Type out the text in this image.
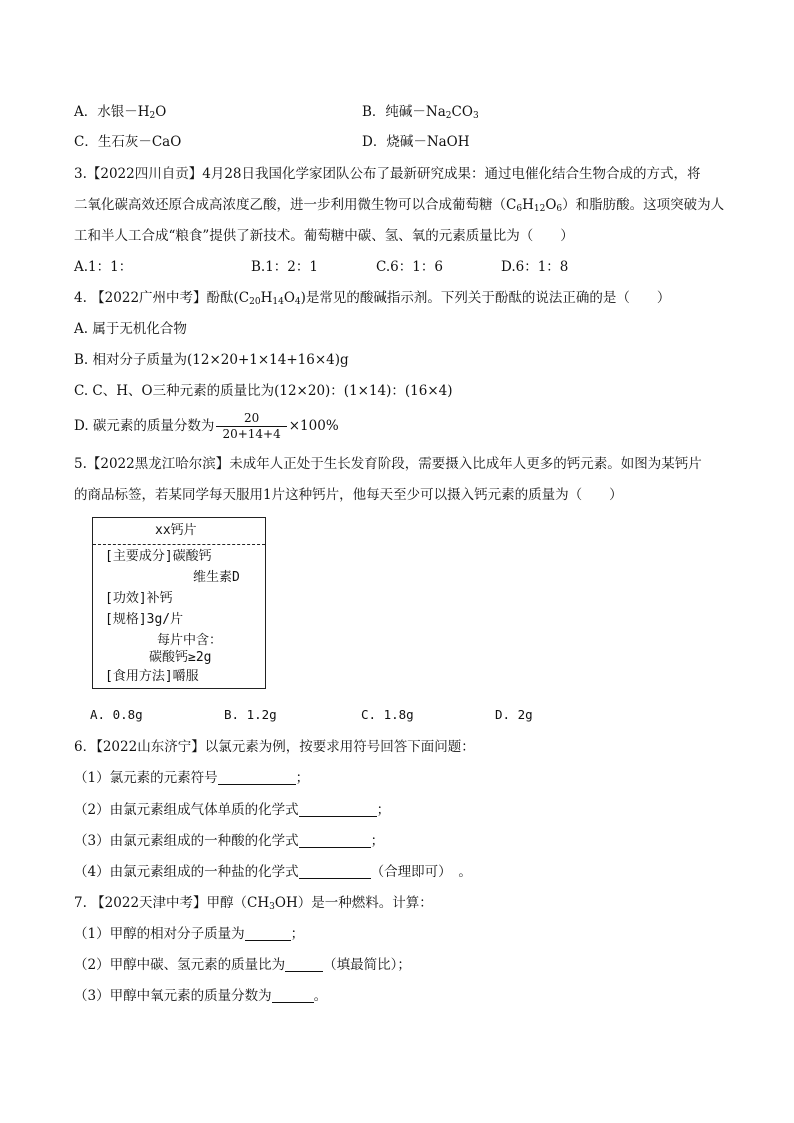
A．水银$-H_2O$	B．纯碱$-Na_2CO_3$
C．生石灰－CaO	D．烧碱－NaOH
3.【2022四川自贡】4月28日我国化学家团队公布了最新研究成果：通过电催化结合生物合成的方式，将
二氧化碳高效还原合成高浓度乙酸，进一步利用微生物可以合成葡萄糖$(C_6H_{12}O_6)$和脂肪酸。这项突破为人
工和半人工合成“粮食”提供了新技术。葡萄糖中碳、氢、氧的元素质量比为（　　）
A.1：1：	B.1：2：1	C.6：1：6	D.6：1：8
4. 【2022广州中考】酚酞$(C_{20}H_{14}O_4)$是常见的酸碱指示剂。下列关于酚酞的说法正确的是（　　）
A. 属于无机化合物
B. 相对分子质量为(12×20+1×14+16×4)g
C. C、H、O三种元素的质量比为(12×20)：(1×14)：(16×4)
D. 碳元素的质量分数为 $\frac{20}{20+14+4} \times 100\%$
5.【2022黑龙江哈尔滨】未成年人正处于生长发育阶段，需要摄入比成年人更多的钙元素。如图为某钙片
的商品标签，若某同学每天服用1片这种钙片，他每天至少可以摄入钙元素的质量为（　　）
xx钙片
[主要成分]碳酸钙
维生素D
[功效]补钙
[规格]3g/片
每片中含：
碳酸钙≥2g
[食用方法]嚼服
A. 0.8g	B. 1.2g	C. 1.8g	D. 2g
6．【2022山东济宁】以氯元素为例，按要求用符号回答下面问题：
（1）氯元素的元素符号	；
（2）由氯元素组成气体单质的化学式	；
（3）由氯元素组成的一种酸的化学式	；
（4）由氯元素组成的一种盐的化学式	（合理即可）　。
7. 【2022天津中考】甲醇$(CH_3OH)$是一种燃料。计算：
（1）甲醇的相对分子质量为	；
（2）甲醇中碳、氢元素的质量比为	（填最简比）；
（3）甲醇中氧元素的质量分数为	。
